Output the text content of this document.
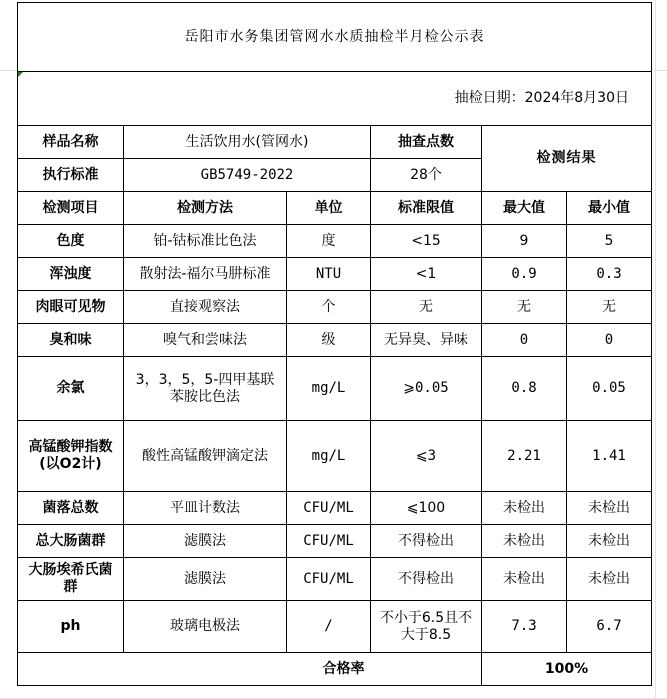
岳阳市水务集团管网水水质抽检半月检公示表					
抽检日期：2024年8月30日					
样品名称	生活饮用水(管网水)		抽查点数	检测结果	
执行标准	GB5749-2022		28个		
检测项目	检测方法	单位	标准限值	最大值	最小值
色度	铂-钴标准比色法	度	<15	9	5
浑浊度	散射法-福尔马肼标准	NTU	<1	0.9	0.3
肉眼可见物	直接观察法	个	无	无	无
臭和味	嗅气和尝味法	级	无异臭、异味	0	0
余氯	3，3，5，5-四甲基联苯胺比色法	mg/L	⩾0.05	0.8	0.05
高锰酸钾指数(以O2计)	酸性高锰酸钾滴定法	mg/L	⩽3	2.21	1.41
菌落总数	平皿计数法	CFU/ML	⩽100	未检出	未检出
总大肠菌群	滤膜法	CFU/ML	不得检出	未检出	未检出
大肠埃希氏菌群	滤膜法	CFU/ML	不得检出	未检出	未检出
ph	玻璃电极法	/	不小于6.5且不大于8.5	7.3	6.7
合格率				100%	
